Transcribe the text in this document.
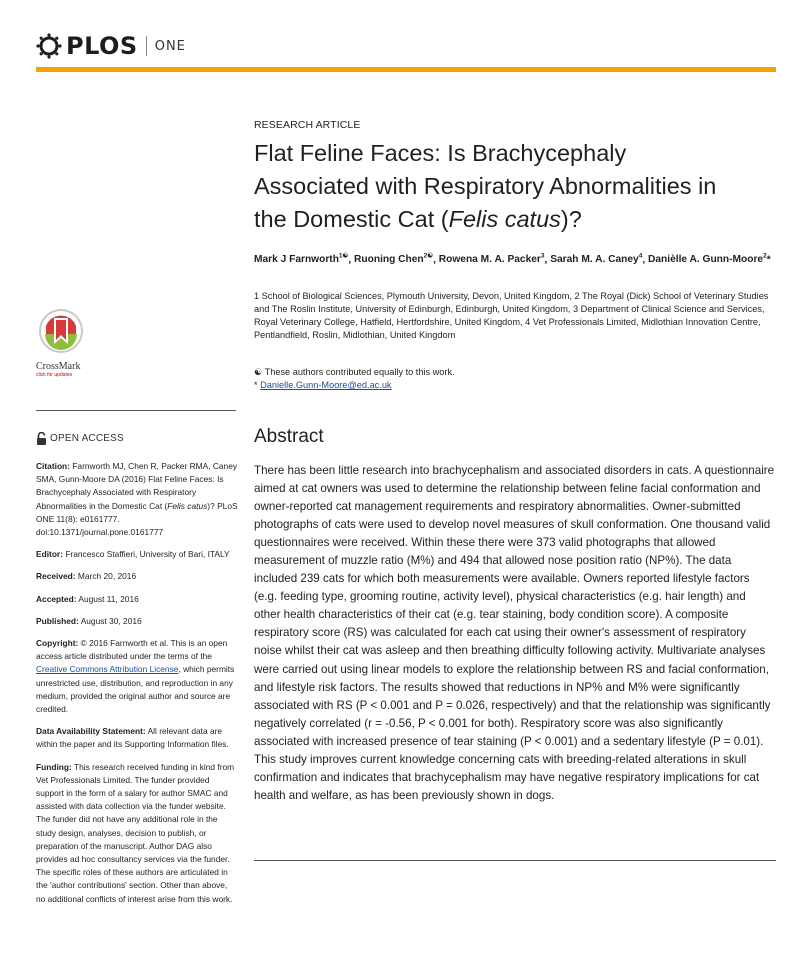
PLOS ONE
CrossMark
click for updates
OPEN ACCESS

Citation: Farnworth MJ, Chen R, Packer RMA, Caney SMA, Gunn-Moore DA (2016) Flat Feline Faces: Is Brachycephaly Associated with Respiratory Abnormalities in the Domestic Cat (Felis catus)? PLoS ONE 11(8): e0161777. doi:10.1371/journal.pone.0161777

Editor: Francesco Staffieri, University of Bari, ITALY

Received: March 20, 2016

Accepted: August 11, 2016

Published: August 30, 2016

Copyright: © 2016 Farnworth et al. This is an open access article distributed under the terms of the Creative Commons Attribution License, which permits unrestricted use, distribution, and reproduction in any medium, provided the original author and source are credited.

Data Availability Statement: All relevant data are within the paper and its Supporting Information files.

Funding: This research received funding in kind from Vet Professionals Limited. The funder provided support in the form of a salary for author SMAC and assisted with data collection via the funder website. The funder did not have any additional role in the study design, analyses, decision to publish, or preparation of the manuscript. Author DAG also provides ad hoc consultancy services via the funder. The specific roles of these authors are articulated in the 'author contributions' section. Other than above, no additional conflicts of interest arise from this work.

RESEARCH ARTICLE
Flat Feline Faces: Is Brachycephaly
Associated with Respiratory Abnormalities in
the Domestic Cat (Felis catus)?
Mark J Farnworth$^{1☯}$, Ruoning Chen$^{2☯}$, Rowena M. A. Packer$^3$, Sarah M. A. Caney$^4$, Danièlle A. Gunn-Moore$^2$*
1 School of Biological Sciences, Plymouth University, Devon, United Kingdom, 2 The Royal (Dick) School of Veterinary Studies and The Roslin Institute, University of Edinburgh, Edinburgh, United Kingdom, 3 Department of Clinical Science and Services, Royal Veterinary College, Hatfield, Hertfordshire, United Kingdom, 4 Vet Professionals Limited, Midlothian Innovation Centre, Pentlandfield, Roslin, Midlothian, United Kingdom
☯ These authors contributed equally to this work.
* Danielle.Gunn-Moore@ed.ac.uk
Abstract
There has been little research into brachycephalism and associated disorders in cats. A questionnaire aimed at cat owners was used to determine the relationship between feline facial conformation and owner-reported cat management requirements and respiratory abnormalities. Owner-submitted photographs of cats were used to develop novel measures of skull conformation. One thousand valid questionnaires were received. Within these there were 373 valid photographs that allowed measurement of muzzle ratio (M%) and 494 that allowed nose position ratio (NP%). The data included 239 cats for which both measurements were available. Owners reported lifestyle factors (e.g. feeding type, grooming routine, activity level), physical characteristics (e.g. hair length) and other health characteristics of their cat (e.g. tear staining, body condition score). A composite respiratory score (RS) was calculated for each cat using their owner's assessment of respiratory noise whilst their cat was asleep and then breathing difficulty following activity. Multivariate analyses were carried out using linear models to explore the relationship between RS and facial conformation, and lifestyle risk factors. The results showed that reductions in NP% and M% were significantly associated with RS (P < 0.001 and P = 0.026, respectively) and that the relationship was significantly negatively correlated (r = -0.56, P < 0.001 for both). Respiratory score was also significantly associated with increased presence of tear staining (P < 0.001) and a sedentary lifestyle (P = 0.01). This study improves current knowledge concerning cats with breeding-related alterations in skull confirmation and indicates that brachycephalism may have negative respiratory implications for cat health and welfare, as has been previously shown in dogs.
